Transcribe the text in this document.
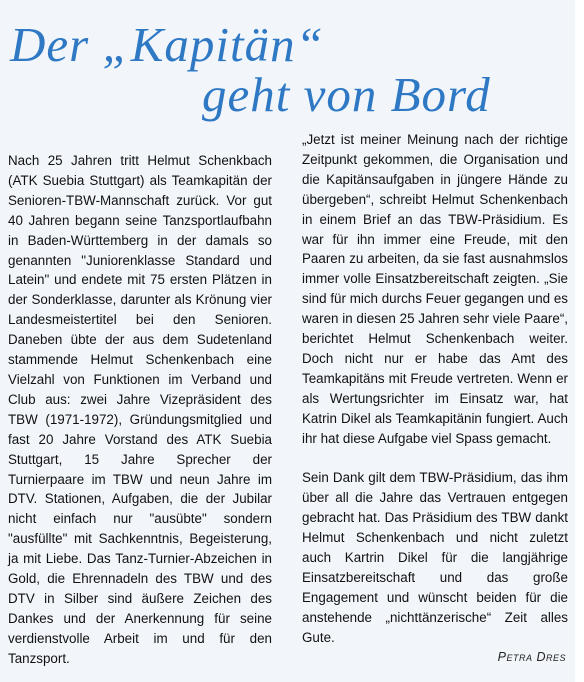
Der „Kapitän“
geht von Bord

Nach 25 Jahren tritt Helmut Schenkbach (ATK Suebia Stuttgart) als Teamkapitän der Senioren-TBW-Mannschaft zurück. Vor gut 40 Jahren begann seine Tanzsportlaufbahn in Baden-Württemberg in der damals so genannten "Juniorenklasse Standard und Latein" und endete mit 75 ersten Plätzen in der Sonderklasse, darunter als Krönung vier Landesmeistertitel bei den Senioren. Daneben übte der aus dem Sudetenland stammende Helmut Schenkenbach eine Vielzahl von Funktionen im Verband und Club aus: zwei Jahre Vizepräsident des TBW (1971-1972), Gründungsmitglied und fast 20 Jahre Vorstand des ATK Suebia Stuttgart, 15 Jahre Sprecher der Turnierpaare im TBW und neun Jahre im DTV. Stationen, Aufgaben, die der Jubilar nicht einfach nur "ausübte" sondern "ausfüllte" mit Sachkenntnis, Begeisterung, ja mit Liebe. Das Tanz-Turnier-Abzeichen in Gold, die Ehrennadeln des TBW und des DTV in Silber sind äußere Zeichen des Dankes und der Anerkennung für seine verdienstvolle Arbeit im und für den Tanzsport.

„Jetzt ist meiner Meinung nach der richtige Zeitpunkt gekommen, die Organisation und die Kapitänsaufgaben in jüngere Hände zu übergeben“, schreibt Helmut Schenkenbach in einem Brief an das TBW-Präsidium. Es war für ihn immer eine Freude, mit den Paaren zu arbeiten, da sie fast ausnahmslos immer volle Einsatzbereitschaft zeigten. „Sie sind für mich durchs Feuer gegangen und es waren in diesen 25 Jahren sehr viele Paare“, berichtet Helmut Schenkenbach weiter. Doch nicht nur er habe das Amt des Teamkapitäns mit Freude vertreten. Wenn er als Wertungsrichter im Einsatz war, hat Katrin Dikel als Teamkapitänin fungiert. Auch ihr hat diese Aufgabe viel Spass gemacht.

Sein Dank gilt dem TBW-Präsidium, das ihm über all die Jahre das Vertrauen entgegen gebracht hat. Das Präsidium des TBW dankt Helmut Schenkenbach und nicht zuletzt auch Kartrin Dikel für die langjährige Einsatzbereitschaft und das große Engagement und wünscht beiden für die anstehende „nichttänzerische“ Zeit alles Gute.

Petra Dres
